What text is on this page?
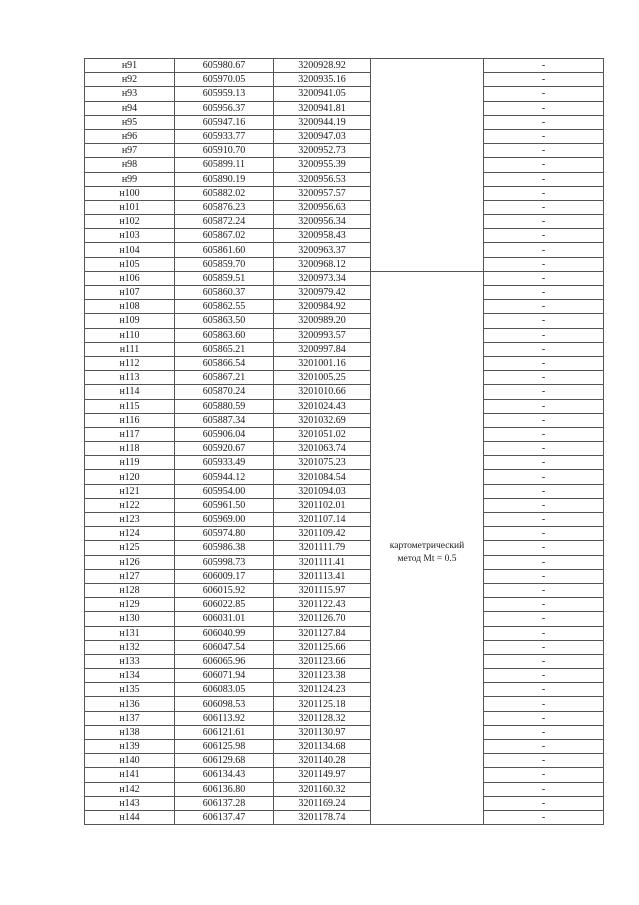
н91	605980.67	3200928.92		-
н92	605970.05	3200935.16		-
н93	605959.13	3200941.05		-
н94	605956.37	3200941.81		-
н95	605947.16	3200944.19		-
н96	605933.77	3200947.03		-
н97	605910.70	3200952.73		-
н98	605899.11	3200955.39		-
н99	605890.19	3200956.53		-
н100	605882.02	3200957.57		-
н101	605876.23	3200956.63		-
н102	605872.24	3200956.34		-
н103	605867.02	3200958.43		-
н104	605861.60	3200963.37		-
н105	605859.70	3200968.12		-
н106	605859.51	3200973.34		-
н107	605860.37	3200979.42		-
н108	605862.55	3200984.92		-
н109	605863.50	3200989.20		-
н110	605863.60	3200993.57		-
н111	605865.21	3200997.84		-
н112	605866.54	3201001.16		-
н113	605867.21	3201005.25		-
н114	605870.24	3201010.66		-
н115	605880.59	3201024.43		-
н116	605887.34	3201032.69		-
н117	605906.04	3201051.02		-
н118	605920.67	3201063.74		-
н119	605933.49	3201075.23		-
н120	605944.12	3201084.54		-
н121	605954.00	3201094.03		-
н122	605961.50	3201102.01		-
н123	605969.00	3201107.14		-
н124	605974.80	3201109.42		-
н125	605986.38	3201111.79		-
н126	605998.73	3201111.41		-
н127	606009.17	3201113.41		-
н128	606015.92	3201115.97		-
н129	606022.85	3201122.43		-
н130	606031.01	3201126.70		-
н131	606040.99	3201127.84		-
н132	606047.54	3201125.66		-
н133	606065.96	3201123.66		-
н134	606071.94	3201123.38		-
н135	606083.05	3201124.23		-
н136	606098.53	3201125.18		-
н137	606113.92	3201128.32		-
н138	606121.61	3201130.97		-
н139	606125.98	3201134.68		-
н140	606129.68	3201140.28		-
н141	606134.43	3201149.97		-
н142	606136.80	3201160.32		-
н143	606137.28	3201169.24		-
н144	606137.47	3201178.74		-
картометрический
метод Mt = 0.5
